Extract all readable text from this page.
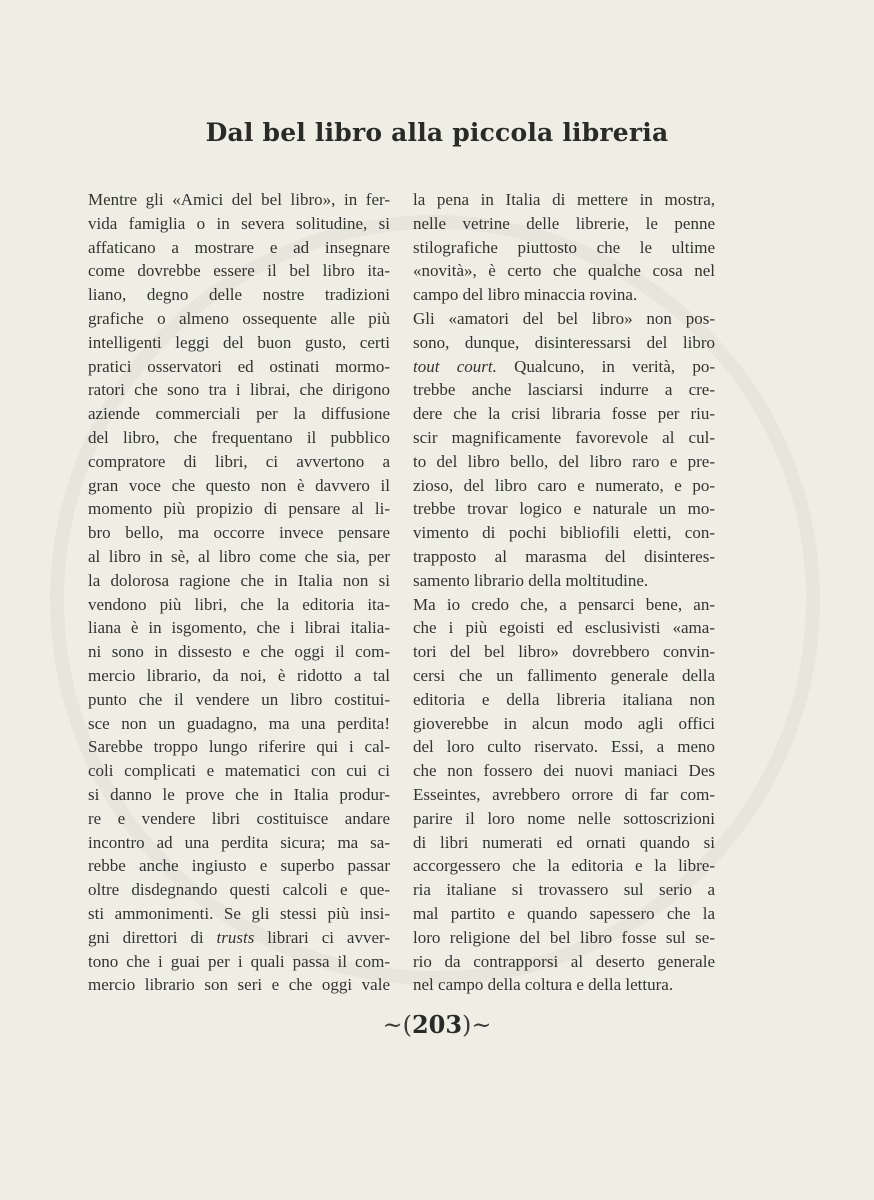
Dal bel libro alla piccola libreria
Mentre gli «Amici del bel libro», in fer-
vida famiglia o in severa solitudine, si
affaticano a mostrare e ad insegnare
come dovrebbe essere il bel libro ita-
liano, degno delle nostre tradizioni
grafiche o almeno ossequente alle più
intelligenti leggi del buon gusto, certi
pratici osservatori ed ostinati mormo-
ratori che sono tra i librai, che dirigono
aziende commerciali per la diffusione
del libro, che frequentano il pubblico
compratore di libri, ci avvertono a
gran voce che questo non è davvero il
momento più propizio di pensare al li-
bro bello, ma occorre invece pensare
al libro in sè, al libro come che sia, per
la dolorosa ragione che in Italia non si
vendono più libri, che la editoria ita-
liana è in isgomento, che i librai italia-
ni sono in dissesto e che oggi il com-
mercio librario, da noi, è ridotto a tal
punto che il vendere un libro costitui-
sce non un guadagno, ma una perdita!
Sarebbe troppo lungo riferire qui i cal-
coli complicati e matematici con cui ci
si danno le prove che in Italia produr-
re e vendere libri costituisce andare
incontro ad una perdita sicura; ma sa-
rebbe anche ingiusto e superbo passar
oltre disdegnando questi calcoli e que-
sti ammonimenti. Se gli stessi più insi-
gni direttori di trusts librari ci avver-
tono che i guai per i quali passa il com-
mercio librario son seri e che oggi vale
la pena in Italia di mettere in mostra,
nelle vetrine delle librerie, le penne
stilografiche piuttosto che le ultime
«novità», è certo che qualche cosa nel
campo del libro minaccia rovina.
Gli «amatori del bel libro» non pos-
sono, dunque, disinteressarsi del libro
tout court. Qualcuno, in verità, po-
trebbe anche lasciarsi indurre a cre-
dere che la crisi libraria fosse per riu-
scir magnificamente favorevole al cul-
to del libro bello, del libro raro e pre-
zioso, del libro caro e numerato, e po-
trebbe trovar logico e naturale un mo-
vimento di pochi bibliofili eletti, con-
trapposto al marasma del disinteres-
samento librario della moltitudine.
Ma io credo che, a pensarci bene, an-
che i più egoisti ed esclusivisti «ama-
tori del bel libro» dovrebbero convin-
cersi che un fallimento generale della
editoria e della libreria italiana non
gioverebbe in alcun modo agli offici
del loro culto riservato. Essi, a meno
che non fossero dei nuovi maniaci Des
Esseintes, avrebbero orrore di far com-
parire il loro nome nelle sottoscrizioni
di libri numerati ed ornati quando si
accorgessero che la editoria e la libre-
ria italiane si trovassero sul serio a
mal partito e quando sapessero che la
loro religione del bel libro fosse sul se-
rio da contrapporsi al deserto generale
nel campo della coltura e della lettura.
~(203)~
